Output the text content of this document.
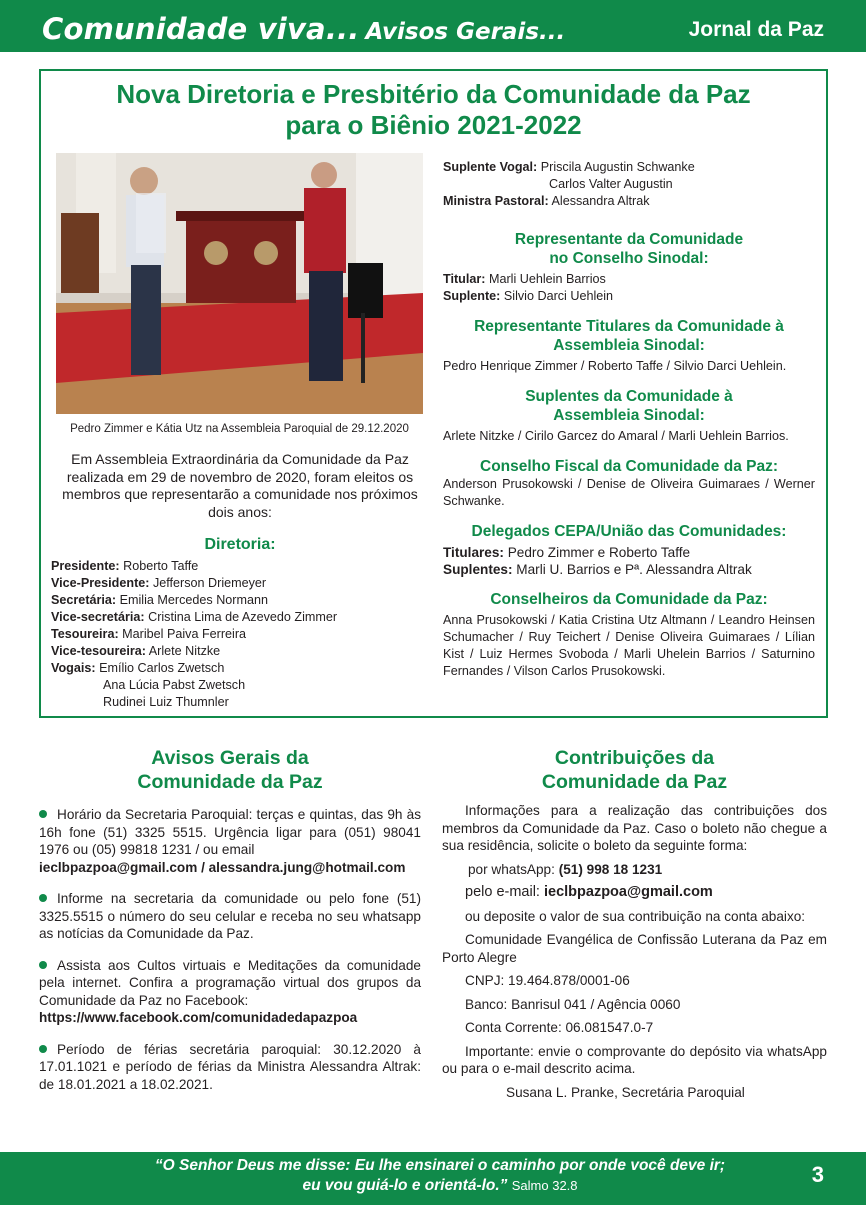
Comunidade viva... Avisos Gerais...	Jornal da Paz
Nova Diretoria e Presbitério da Comunidade da Paz
para o Biênio 2021-2022
Pedro Zimmer e Kátia Utz na Assembleia Paroquial de 29.12.2020
Em Assembleia Extraordinária da Comunidade da Paz realizada em 29 de novembro de 2020, foram eleitos os membros que representarão a comunidade nos próximos dois anos:
Diretoria:
Presidente: Roberto Taffe
Vice-Presidente: Jefferson Driemeyer
Secretária: Emilia Mercedes Normann
Vice-secretária: Cristina Lima de Azevedo Zimmer
Tesoureira: Maribel Paiva Ferreira
Vice-tesoureira: Arlete Nitzke
Vogais: Emílio Carlos Zwetsch
Ana Lúcia Pabst Zwetsch
Rudinei Luiz Thumnler
Suplente Vogal: Priscila Augustin Schwanke
Carlos Valter Augustin
Ministra Pastoral: Alessandra Altrak
Representante da Comunidade
no Conselho Sinodal:
Titular: Marli Uehlein Barrios
Suplente: Silvio Darci Uehlein
Representante Titulares da Comunidade à
Assembleia Sinodal:
Pedro Henrique Zimmer / Roberto Taffe / Silvio Darci Uehlein.
Suplentes da Comunidade à
Assembleia Sinodal:
Arlete Nitzke / Cirilo Garcez do Amaral / Marli Uehlein Barrios.
Conselho Fiscal da Comunidade da Paz:
Anderson Prusokowski / Denise de Oliveira Guimaraes / Werner Schwanke.
Delegados CEPA/União das Comunidades:
Titulares: Pedro Zimmer e Roberto Taffe
Suplentes: Marli U. Barrios e Pª. Alessandra Altrak
Conselheiros da Comunidade da Paz:
Anna Prusokowski / Katia Cristina Utz Altmann / Leandro Heinsen Schumacher / Ruy Teichert / Denise Oliveira Guimaraes / Lílian Kist / Luiz Hermes Svoboda / Marli Uhelein Barrios / Saturnino Fernandes / Vilson Carlos Prusokowski.
Avisos Gerais da
Comunidade da Paz

Horário da Secretaria Paroquial: terças e quintas, das 9h às 16h fone (51) 3325 5515. Urgência ligar para (051) 98041 1976 ou (05) 99818 1231 / ou email
ieclbpazpoa@gmail.com / alessandra.jung@hotmail.com

Informe na secretaria da comunidade ou pelo fone (51) 3325.5515 o número do seu celular e receba no seu whatsapp as notícias da Comunidade da Paz.

Assista aos Cultos virtuais e Meditações da comunidade pela internet. Confira a programação virtual dos grupos da Comunidade da Paz no Facebook:
https://www.facebook.com/comunidadedapazpoa

Período de férias secretária paroquial: 30.12.2020 à 17.01.1021 e período de férias da Ministra Alessandra Altrak: de 18.01.2021 a 18.02.2021.

Contribuições da
Comunidade da Paz

Informações para a realização das contribuições dos membros da Comunidade da Paz. Caso o boleto não chegue a sua residência, solicite o boleto da seguinte forma:

por whatsApp: (51) 998 18 1231

pelo e-mail: ieclbpazpoa@gmail.com

ou deposite o valor de sua contribuição na conta abaixo:

Comunidade Evangélica de Confissão Luterana da Paz em Porto Alegre

CNPJ: 19.464.878/0001-06

Banco: Banrisul 041 / Agência 0060

Conta Corrente: 06.081547.0-7

Importante: envie o comprovante do depósito via whatsApp ou para o e-mail descrito acima.

Susana L. Pranke, Secretária Paroquial

“O Senhor Deus me disse: Eu lhe ensinarei o caminho por onde você deve ir;
eu vou guiá-lo e orientá-lo.” Salmo 32.8	3
